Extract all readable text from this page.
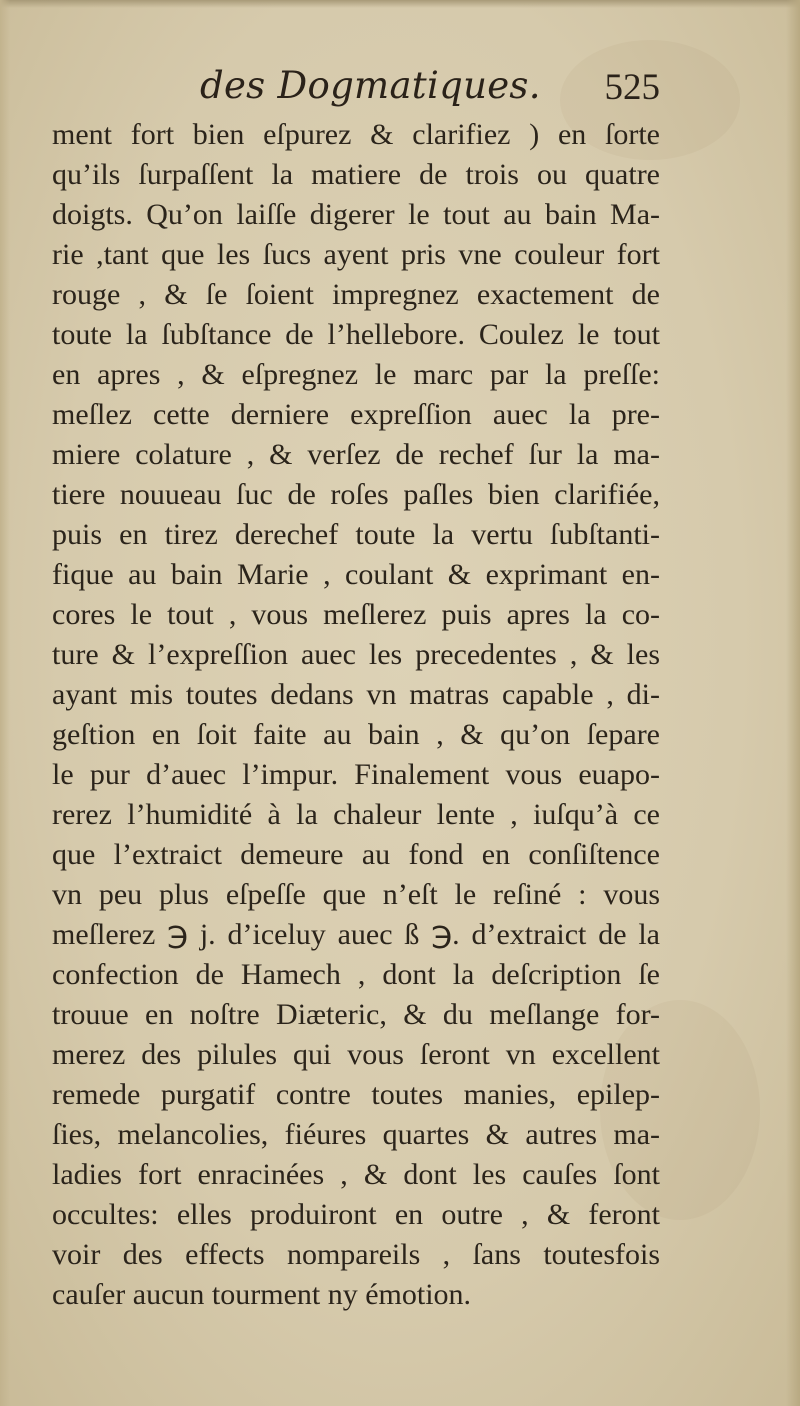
des Dogmatiques. 525
ment fort bien eſpurez & clarifiez ) en ſorte
qu’ils ſurpaſſent la matiere de trois ou quatre
doigts. Qu’on laiſſe digerer le tout au bain Ma-
rie ,tant que les ſucs ayent pris vne couleur fort
rouge , & ſe ſoient impregnez exactement de
toute la ſubſtance de l’hellebore. Coulez le tout
en apres , & eſpregnez le marc par la preſſe:
meſlez cette derniere expreſſion auec la pre-
miere colature , & verſez de rechef ſur la ma-
tiere nouueau ſuc de roſes paſles bien clarifiée,
puis en tirez derechef toute la vertu ſubſtanti-
fique au bain Marie , coulant & exprimant en-
cores le tout , vous meſlerez puis apres la co-
ture & l’expreſſion auec les precedentes , & les
ayant mis toutes dedans vn matras capable , di-
geſtion en ſoit faite au bain , & qu’on ſepare
le pur d’auec l’impur. Finalement vous euapo-
rerez l’humidité à la chaleur lente , iuſqu’à ce
que l’extraict demeure au fond en conſiſtence
vn peu plus eſpeſſe que n’eſt le reſiné : vous
meſlerez ℈ j. d’iceluy auec ß ℈. d’extraict de la
confection de Hamech , dont la deſcription ſe
trouue en noſtre Diæteric, & du meſlange for-
merez des pilules qui vous ſeront vn excellent
remede purgatif contre toutes manies, epilep-
ſies, melancolies, fiéures quartes & autres ma-
ladies fort enracinées , & dont les cauſes ſont
occultes: elles produiront en outre , & feront
voir des effects nompareils , ſans toutesfois
cauſer aucun tourment ny émotion.
